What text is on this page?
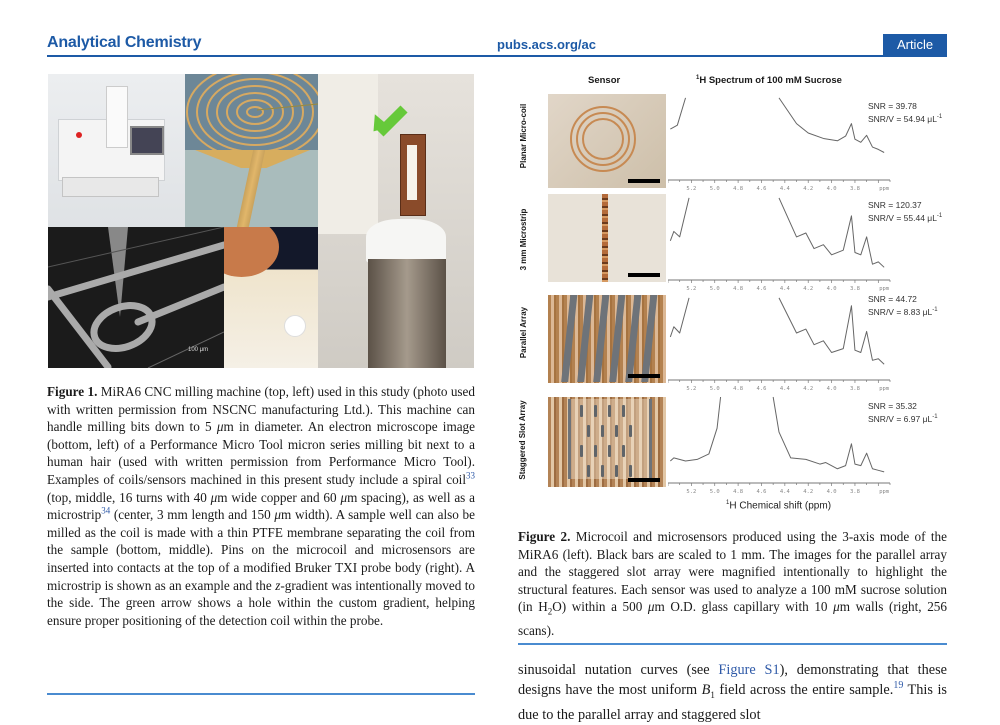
Analytical Chemistry	pubs.acs.org/ac	Article
100 μm
Figure 1. MiRA6 CNC milling machine (top, left) used in this study (photo used with written permission from NSCNC manufacturing Ltd.). This machine can handle milling bits down to 5 μm in diameter. An electron microscope image (bottom, left) of a Performance Micro Tool micron series milling bit next to a human hair (used with written permission from Performance Micro Tool). Examples of coils/sensors machined in this present study include a spiral coil$^{33}$ (top, middle, 16 turns with 40 μm wide copper and 60 μm spacing), as well as a microstrip$^{34}$ (center, 3 mm length and 150 μm width). A sample well can also be milled as the coil is made with a thin PTFE membrane separating the coil from the sample (bottom, middle). Pins on the microcoil and microsensors are inserted into contacts at the top of a modified Bruker TXI probe body (right). A microstrip is shown as an example and the z-gradient was intentionally moved to the side. The green arrow shows a hole within the custom gradient, helping ensure proper positioning of the detection coil within the probe.
Sensor	$^1$H Spectrum of 100 mM Sucrose
Planar Micro-coil
3 mm Microstrip
Parallel Array
Staggered Slot Array
5.2 5.0 4.8 4.6 4.4 4.2 4.0 3.8	ppm
5.2 5.0 4.8 4.6 4.4 4.2 4.0 3.8	ppm
5.2 5.0 4.8 4.6 4.4 4.2 4.0 3.8	ppm
5.2 5.0 4.8 4.6 4.4 4.2 4.0 3.8	ppm
SNR = 39.78
SNR/V = 54.94 $\mu L^{-1}$
SNR = 120.37
SNR/V = 55.44 $\mu L^{-1}$
SNR = 44.72
SNR/V = 8.83 $\mu L^{-1}$
SNR = 35.32
SNR/V = 6.97 $\mu L^{-1}$
$^1$H Chemical shift (ppm)
Figure 2. Microcoil and microsensors produced using the 3-axis mode of the MiRA6 (left). Black bars are scaled to 1 mm. The images for the parallel array and the staggered slot array were magnified intentionally to highlight the structural features. Each sensor was used to analyze a 100 mM sucrose solution (in $H_2O$) within a 500 μm O.D. glass capillary with 10 μm walls (right, 256 scans).
sinusoidal nutation curves (see Figure S1), demonstrating that these designs have the most uniform $B_1$ field across the entire sample.$^{19}$ This is due to the parallel array and staggered slot
